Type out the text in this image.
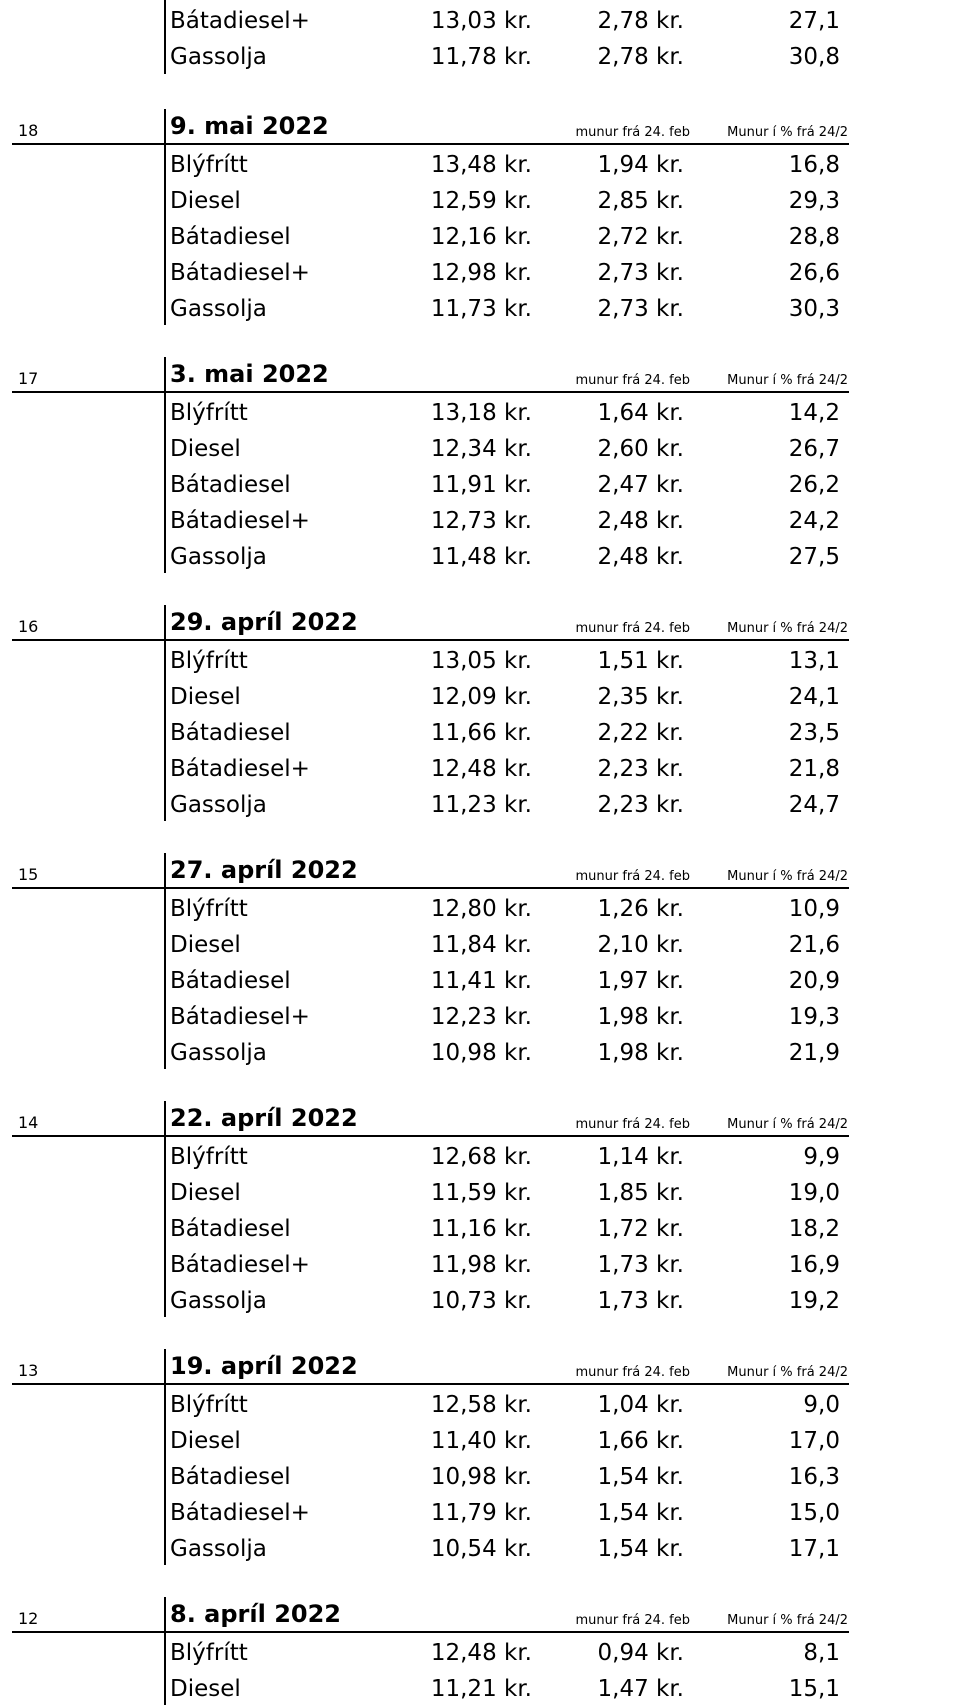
Bátadiesel+	13,03 kr.	2,78 kr.	27,1
Gassolja	11,78 kr.	2,78 kr.	30,8
18	9. mai 2022	munur frá 24. feb	Munur í % frá 24/2
Blýfrítt	13,48 kr.	1,94 kr.	16,8
Diesel	12,59 kr.	2,85 kr.	29,3
Bátadiesel	12,16 kr.	2,72 kr.	28,8
Bátadiesel+	12,98 kr.	2,73 kr.	26,6
Gassolja	11,73 kr.	2,73 kr.	30,3
17	3. mai 2022	munur frá 24. feb	Munur í % frá 24/2
Blýfrítt	13,18 kr.	1,64 kr.	14,2
Diesel	12,34 kr.	2,60 kr.	26,7
Bátadiesel	11,91 kr.	2,47 kr.	26,2
Bátadiesel+	12,73 kr.	2,48 kr.	24,2
Gassolja	11,48 kr.	2,48 kr.	27,5
16	29. apríl 2022	munur frá 24. feb	Munur í % frá 24/2
Blýfrítt	13,05 kr.	1,51 kr.	13,1
Diesel	12,09 kr.	2,35 kr.	24,1
Bátadiesel	11,66 kr.	2,22 kr.	23,5
Bátadiesel+	12,48 kr.	2,23 kr.	21,8
Gassolja	11,23 kr.	2,23 kr.	24,7
15	27. apríl 2022	munur frá 24. feb	Munur í % frá 24/2
Blýfrítt	12,80 kr.	1,26 kr.	10,9
Diesel	11,84 kr.	2,10 kr.	21,6
Bátadiesel	11,41 kr.	1,97 kr.	20,9
Bátadiesel+	12,23 kr.	1,98 kr.	19,3
Gassolja	10,98 kr.	1,98 kr.	21,9
14	22. apríl 2022	munur frá 24. feb	Munur í % frá 24/2
Blýfrítt	12,68 kr.	1,14 kr.	9,9
Diesel	11,59 kr.	1,85 kr.	19,0
Bátadiesel	11,16 kr.	1,72 kr.	18,2
Bátadiesel+	11,98 kr.	1,73 kr.	16,9
Gassolja	10,73 kr.	1,73 kr.	19,2
13	19. apríl 2022	munur frá 24. feb	Munur í % frá 24/2
Blýfrítt	12,58 kr.	1,04 kr.	9,0
Diesel	11,40 kr.	1,66 kr.	17,0
Bátadiesel	10,98 kr.	1,54 kr.	16,3
Bátadiesel+	11,79 kr.	1,54 kr.	15,0
Gassolja	10,54 kr.	1,54 kr.	17,1
12	8. apríl 2022	munur frá 24. feb	Munur í % frá 24/2
Blýfrítt	12,48 kr.	0,94 kr.	8,1
Diesel	11,21 kr.	1,47 kr.	15,1
